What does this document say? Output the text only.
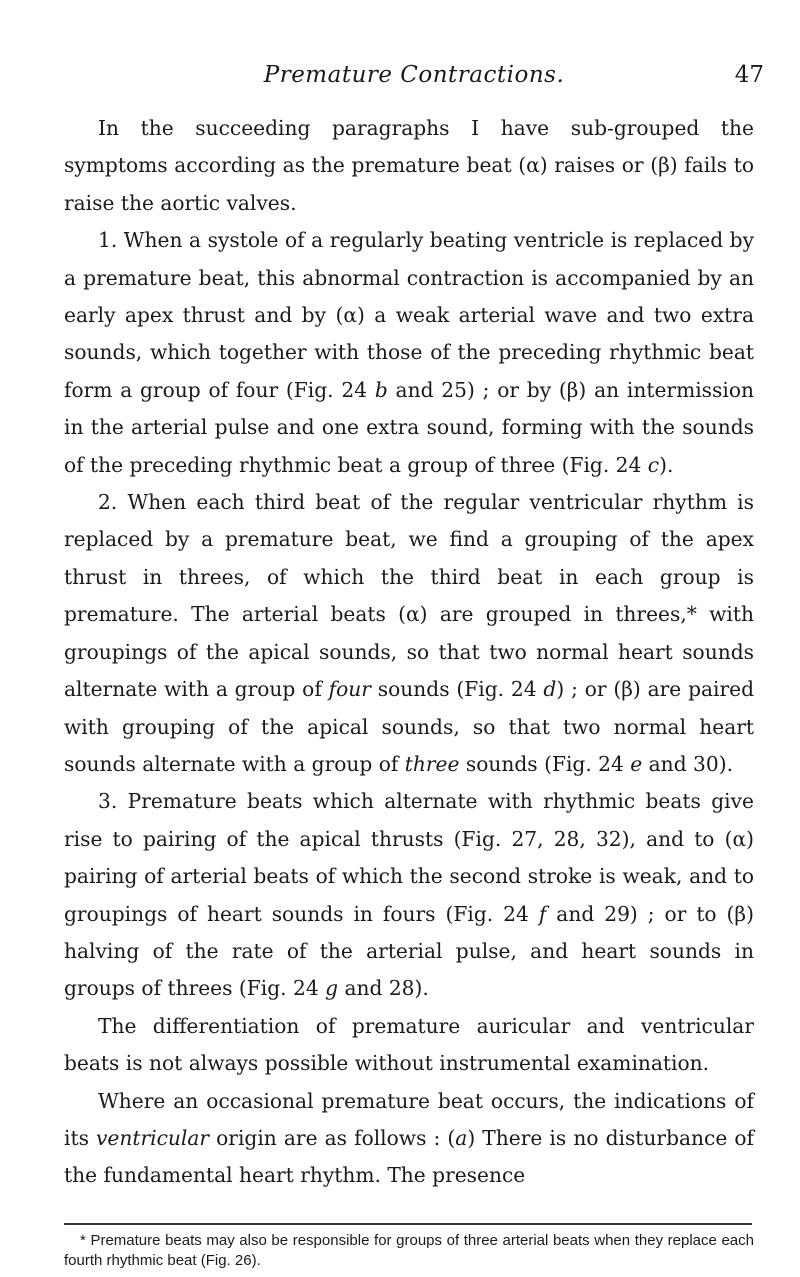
Premature Contractions.	47

In the succeeding paragraphs I have sub-grouped the symptoms according as the premature beat (α) raises or (β) fails to raise the aortic valves.

1. When a systole of a regularly beating ventricle is replaced by a premature beat, this abnormal contraction is accompanied by an early apex thrust and by (α) a weak arterial wave and two extra sounds, which together with those of the preceding rhythmic beat form a group of four (Fig. 24 b and 25) ; or by (β) an intermission in the arterial pulse and one extra sound, forming with the sounds of the preceding rhythmic beat a group of three (Fig. 24 c).

2. When each third beat of the regular ventricular rhythm is replaced by a premature beat, we find a grouping of the apex thrust in threes, of which the third beat in each group is premature. The arterial beats (α) are grouped in threes,* with groupings of the apical sounds, so that two normal heart sounds alternate with a group of four sounds (Fig. 24 d) ; or (β) are paired with grouping of the apical sounds, so that two normal heart sounds alternate with a group of three sounds (Fig. 24 e and 30).

3. Premature beats which alternate with rhythmic beats give rise to pairing of the apical thrusts (Fig. 27, 28, 32), and to (α) pairing of arterial beats of which the second stroke is weak, and to groupings of heart sounds in fours (Fig. 24 f and 29) ; or to (β) halving of the rate of the arterial pulse, and heart sounds in groups of threes (Fig. 24 g and 28).

The differentiation of premature auricular and ventricular beats is not always possible without instrumental examination.

Where an occasional premature beat occurs, the indications of its ventricular origin are as follows : (a) There is no disturbance of the fundamental heart rhythm. The presence

* Premature beats may also be responsible for groups of three arterial beats when they replace each fourth rhythmic beat (Fig. 26).
